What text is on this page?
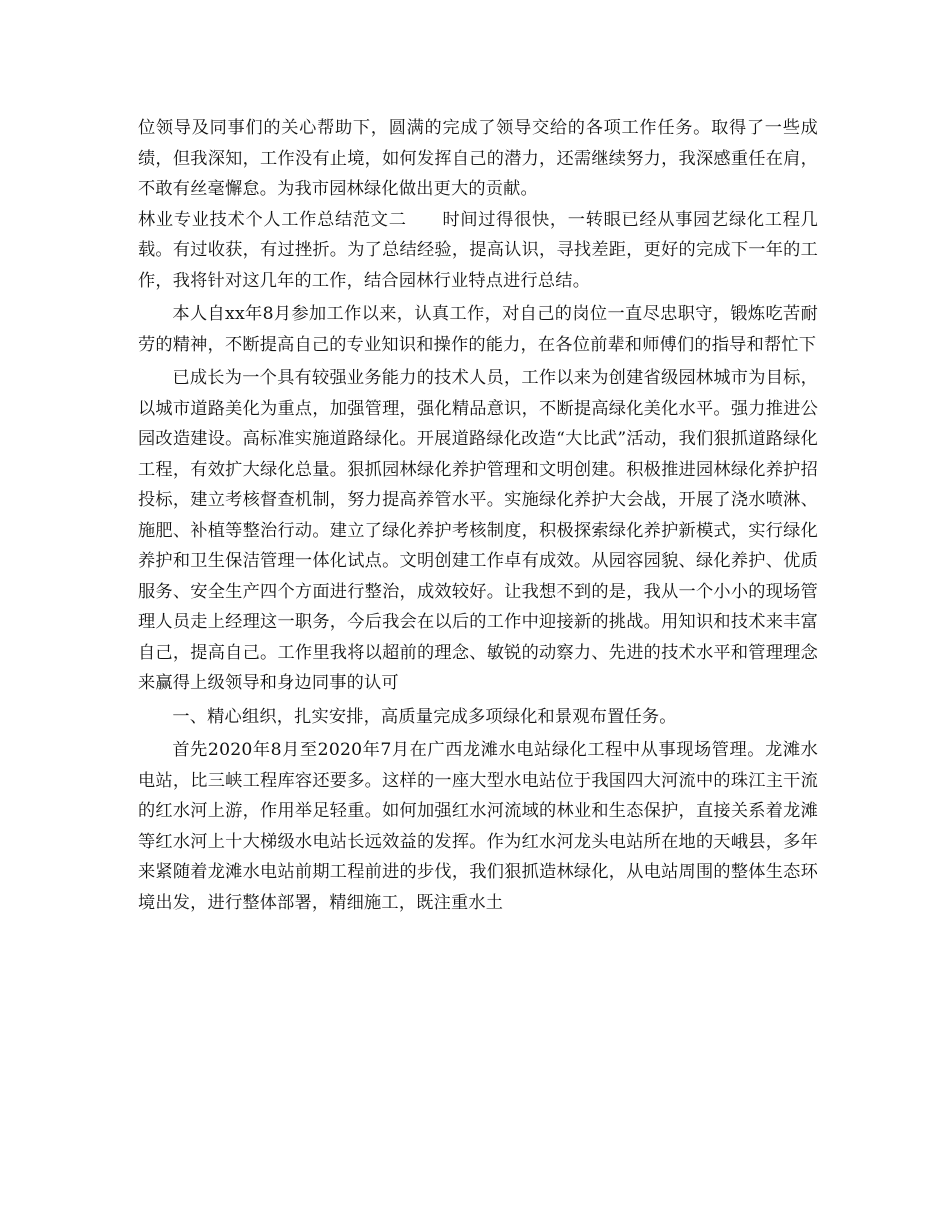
位领导及同事们的关心帮助下，圆满的完成了领导交给的各项工作任务。取得了一些成绩，但我深知，工作没有止境，如何发挥自己的潜力，还需继续努力，我深感重任在肩，不敢有丝毫懈怠。为我市园林绿化做出更大的贡献。

林业专业技术个人工作总结范文二　　时间过得很快，一转眼已经从事园艺绿化工程几载。有过收获，有过挫折。为了总结经验，提高认识，寻找差距，更好的完成下一年的工作，我将针对这几年的工作，结合园林行业特点进行总结。

本人自xx年8月参加工作以来，认真工作，对自己的岗位一直尽忠职守，锻炼吃苦耐劳的精神，不断提高自己的专业知识和操作的能力，在各位前辈和师傅们的指导和帮忙下

已成长为一个具有较强业务能力的技术人员，工作以来为创建省级园林城市为目标，以城市道路美化为重点，加强管理，强化精品意识，不断提高绿化美化水平。强力推进公园改造建设。高标准实施道路绿化。开展道路绿化改造“大比武”活动，我们狠抓道路绿化工程，有效扩大绿化总量。狠抓园林绿化养护管理和文明创建。积极推进园林绿化养护招投标，建立考核督查机制，努力提高养管水平。实施绿化养护大会战，开展了浇水喷淋、施肥、补植等整治行动。建立了绿化养护考核制度，积极探索绿化养护新模式，实行绿化养护和卫生保洁管理一体化试点。文明创建工作卓有成效。从园容园貌、绿化养护、优质服务、安全生产四个方面进行整治，成效较好。让我想不到的是，我从一个小小的现场管理人员走上经理这一职务，今后我会在以后的工作中迎接新的挑战。用知识和技术来丰富自己，提高自己。工作里我将以超前的理念、敏锐的动察力、先进的技术水平和管理理念来赢得上级领导和身边同事的认可

一、精心组织，扎实安排，高质量完成多项绿化和景观布置任务。

首先2020年8月至2020年7月在广西龙滩水电站绿化工程中从事现场管理。龙滩水电站，比三峡工程库容还要多。这样的一座大型水电站位于我国四大河流中的珠江主干流的红水河上游，作用举足轻重。如何加强红水河流域的林业和生态保护，直接关系着龙滩等红水河上十大梯级水电站长远效益的发挥。作为红水河龙头电站所在地的天峨县，多年来紧随着龙滩水电站前期工程前进的步伐，我们狠抓造林绿化，从电站周围的整体生态环境出发，进行整体部署，精细施工，既注重水土
